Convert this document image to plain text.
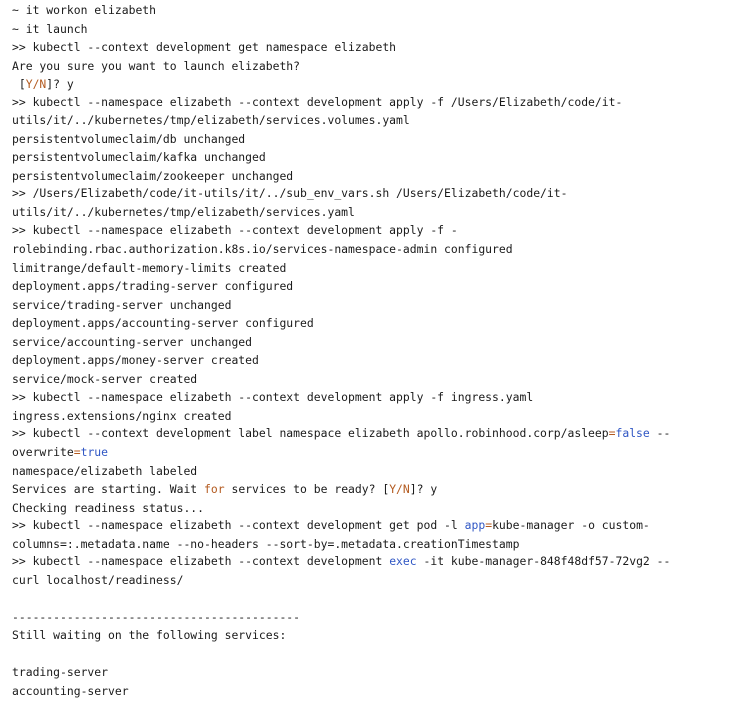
~ it workon elizabeth
~ it launch
>> kubectl --context development get namespace elizabeth
Are you sure you want to launch elizabeth?
[Y/N]? y
>> kubectl --namespace elizabeth --context development apply -f /Users/Elizabeth/code/it-
utils/it/../kubernetes/tmp/elizabeth/services.volumes.yaml
persistentvolumeclaim/db unchanged
persistentvolumeclaim/kafka unchanged
persistentvolumeclaim/zookeeper unchanged
>> /Users/Elizabeth/code/it-utils/it/../sub_env_vars.sh /Users/Elizabeth/code/it-
utils/it/../kubernetes/tmp/elizabeth/services.yaml
>> kubectl --namespace elizabeth --context development apply -f -
rolebinding.rbac.authorization.k8s.io/services-namespace-admin configured
limitrange/default-memory-limits created
deployment.apps/trading-server configured
service/trading-server unchanged
deployment.apps/accounting-server configured
service/accounting-server unchanged
deployment.apps/money-server created
service/mock-server created
>> kubectl --namespace elizabeth --context development apply -f ingress.yaml
ingress.extensions/nginx created
>> kubectl --context development label namespace elizabeth apollo.robinhood.corp/asleep=false --
overwrite=true
namespace/elizabeth labeled
Services are starting. Wait for services to be ready? [Y/N]? y
Checking readiness status...
>> kubectl --namespace elizabeth --context development get pod -l app=kube-manager -o custom-
columns=:.metadata.name --no-headers --sort-by=.metadata.creationTimestamp
>> kubectl --namespace elizabeth --context development exec -it kube-manager-848f48df57-72vg2 --
curl localhost/readiness/
------------------------------------------
Still waiting on the following services:
trading-server
accounting-server
